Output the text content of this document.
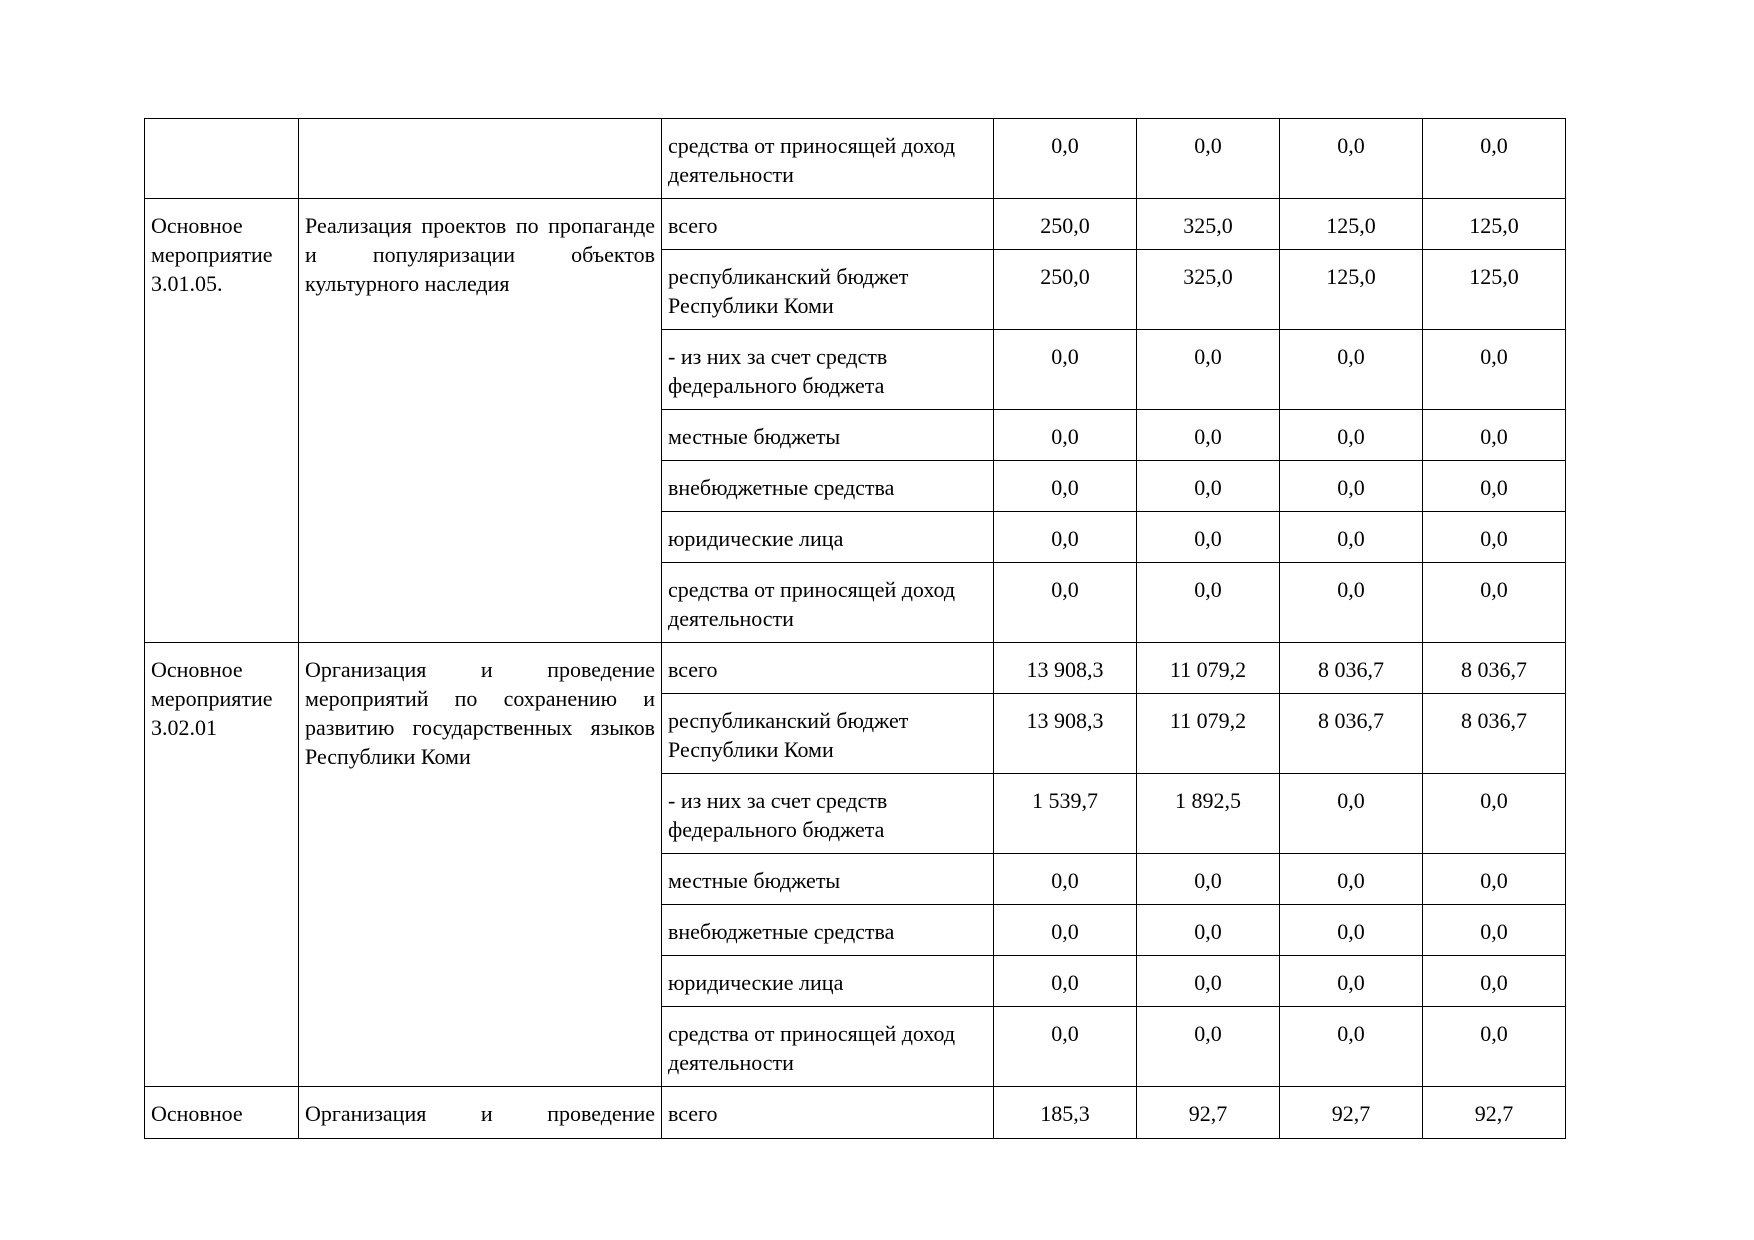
		средства от приносящей доход деятельности	0,0	0,0	0,0	0,0
Основное мероприятие 3.01.05.	Реализация проектов по пропаганде и популяризации объектов культурного наследия	всего	250,0	325,0	125,0	125,0
		республиканский бюджет Республики Коми	250,0	325,0	125,0	125,0
		- из них за счет средств федерального бюджета	0,0	0,0	0,0	0,0
		местные бюджеты	0,0	0,0	0,0	0,0
		внебюджетные средства	0,0	0,0	0,0	0,0
		юридические лица	0,0	0,0	0,0	0,0
		средства от приносящей доход деятельности	0,0	0,0	0,0	0,0
Основное мероприятие 3.02.01	Организация и проведение мероприятий по сохранению и развитию государственных языков Республики Коми	всего	13 908,3	11 079,2	8 036,7	8 036,7
		республиканский бюджет Республики Коми	13 908,3	11 079,2	8 036,7	8 036,7
		- из них за счет средств федерального бюджета	1 539,7	1 892,5	0,0	0,0
		местные бюджеты	0,0	0,0	0,0	0,0
		внебюджетные средства	0,0	0,0	0,0	0,0
		юридические лица	0,0	0,0	0,0	0,0
		средства от приносящей доход деятельности	0,0	0,0	0,0	0,0
Основное	Организация и проведение	всего	185,3	92,7	92,7	92,7
